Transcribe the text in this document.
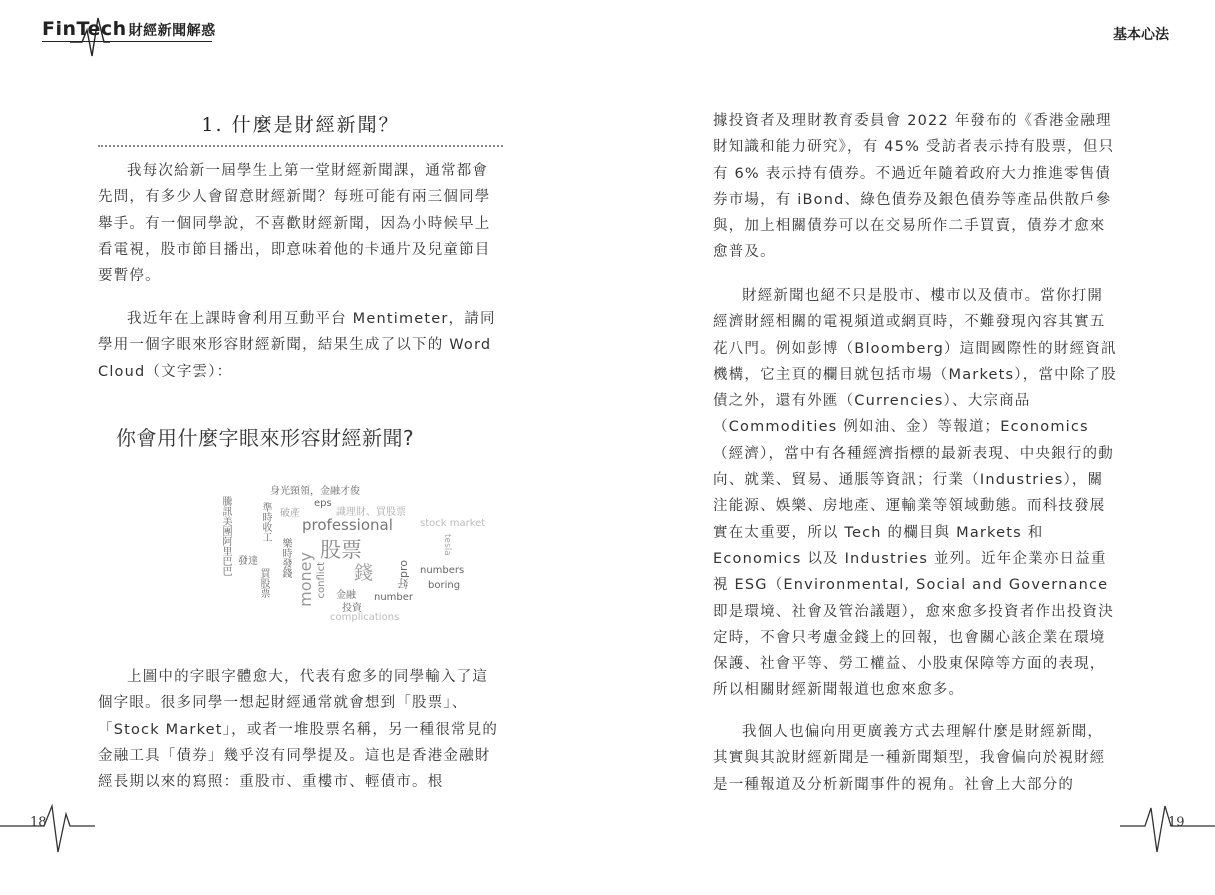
FinTech 財經新聞解惑	基本心法
1. 什麼是財經新聞？

我每次給新一屆學生上第一堂財經新聞課，通常都會先問，有多少人會留意財經新聞？每班可能有兩三個同學舉手。有一個同學說，不喜歡財經新聞，因為小時候早上看電視，股市節目播出，即意味着他的卡通片及兒童節目要暫停。

我近年在上課時會利用互動平台 Mentimeter，請同學用一個字眼來形容財經新聞，結果生成了以下的 Word Cloud（文字雲）：

你會用什麼字眼來形容財經新聞?
身光頸領，金融才俊
eps
破產	識理財、買股票
professional	stock market
股票
騰訊美團阿里巴巴	準時收工
發達 樂時發錢
買股票 money conflict 錢 好pro
tesla
numbers
boring
金融
投資
number
complications

上圖中的字眼字體愈大，代表有愈多的同學輸入了這個字眼。很多同學一想起財經通常就會想到「股票」、「Stock Market」，或者一堆股票名稱，另一種很常見的金融工具「債券」幾乎沒有同學提及。這也是香港金融財經長期以來的寫照：重股市、重樓市、輕債市。根

18

據投資者及理財教育委員會 2022 年發布的《香港金融理財知識和能力研究》，有 45% 受訪者表示持有股票，但只有 6% 表示持有債券。不過近年隨着政府大力推進零售債券市場，有 iBond、綠色債券及銀色債券等產品供散戶參與，加上相關債券可以在交易所作二手買賣，債券才愈來愈普及。

財經新聞也絕不只是股市、樓市以及債市。當你打開經濟財經相關的電視頻道或網頁時，不難發現內容其實五花八門。例如彭博（Bloomberg）這間國際性的財經資訊機構，它主頁的欄目就包括市場（Markets），當中除了股債之外，還有外匯（Currencies）、大宗商品（Commodities 例如油、金）等報道；Economics（經濟），當中有各種經濟指標的最新表現、中央銀行的動向、就業、貿易、通脹等資訊；行業（Industries），關注能源、娛樂、房地產、運輸業等領域動態。而科技發展實在太重要，所以 Tech 的欄目與 Markets 和 Economics 以及 Industries 並列。近年企業亦日益重視 ESG（Environmental, Social and Governance 即是環境、社會及管治議題），愈來愈多投資者作出投資決定時，不會只考慮金錢上的回報，也會關心該企業在環境保護、社會平等、勞工權益、小股東保障等方面的表現，所以相關財經新聞報道也愈來愈多。

我個人也偏向用更廣義方式去理解什麼是財經新聞，其實與其說財經新聞是一種新聞類型，我會偏向於視財經是一種報道及分析新聞事件的視角。社會上大部分的

19
